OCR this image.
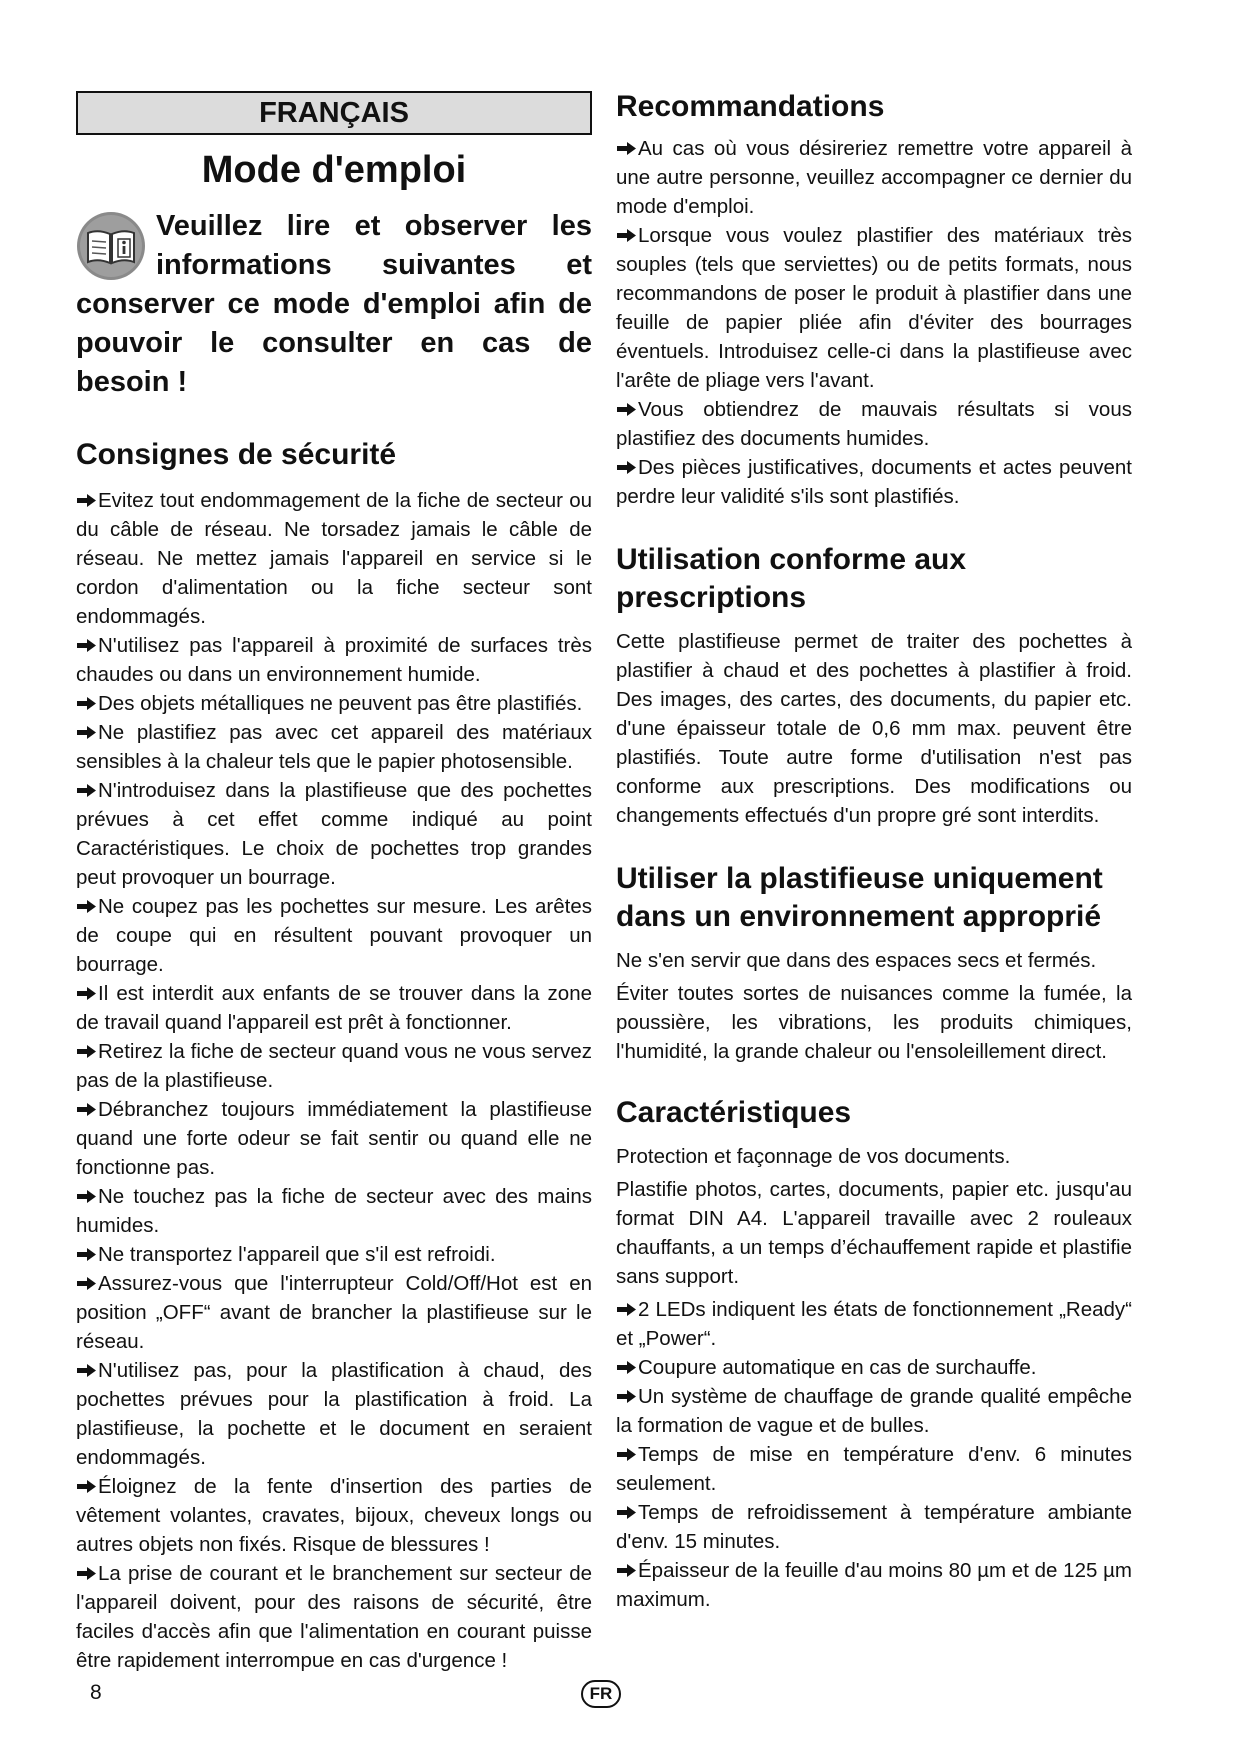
FRANÇAIS
Mode d'emploi
Veuillez lire et observer les informations suivantes et conserver ce mode d'emploi afin de pouvoir le consulter en cas de besoin !
Consignes de sécurité
Evitez tout endommagement de la fiche de secteur ou du câble de réseau. Ne torsadez jamais le câble de réseau. Ne mettez jamais l'appareil en service si le cordon d'alimentation ou la fiche secteur sont endommagés.
N'utilisez pas l'appareil à proximité de surfaces très chaudes ou dans un environnement humide.
Des objets métalliques ne peuvent pas être plastifiés.
Ne plastifiez pas avec cet appareil des matériaux sensibles à la chaleur tels que le papier photosensible.
N'introduisez dans la plastifieuse que des pochettes prévues à cet effet comme indiqué au point Caractéristiques. Le choix de pochettes trop grandes peut provoquer un bourrage.
Ne coupez pas les pochettes sur mesure. Les arêtes de coupe qui en résultent pouvant provoquer un bourrage.
Il est interdit aux enfants de se trouver dans la zone de travail quand l'appareil est prêt à fonctionner.
Retirez la fiche de secteur quand vous ne vous servez pas de la plastifieuse.
Débranchez toujours immédiatement la plastifieuse quand une forte odeur se fait sentir ou quand elle ne fonctionne pas.
Ne touchez pas la fiche de secteur avec des mains humides.
Ne transportez l'appareil que s'il est refroidi.
Assurez-vous que l'interrupteur Cold/Off/Hot est en position „OFF“ avant de brancher la plastifieuse sur le réseau.
N'utilisez pas, pour la plastification à chaud, des pochettes prévues pour la plastification à froid. La plastifieuse, la pochette et le document en seraient endommagés.
Éloignez de la fente d'insertion des parties de vêtement volantes, cravates, bijoux, cheveux longs ou autres objets non fixés. Risque de blessures !
La prise de courant et le branchement sur secteur de l'appareil doivent, pour des raisons de sécurité, être faciles d'accès afin que l'alimentation en courant puisse être rapidement interrompue en cas d'urgence !
Recommandations
Au cas où vous désireriez remettre votre appareil à une autre personne, veuillez accompagner ce dernier du mode d'emploi.
Lorsque vous voulez plastifier des matériaux très souples (tels que serviettes) ou de petits formats, nous recommandons de poser le produit à plastifier dans une feuille de papier pliée afin d'éviter des bourrages éventuels. Introduisez celle-ci dans la plastifieuse avec l'arête de pliage vers l'avant.
Vous obtiendrez de mauvais résultats si vous plastifiez des documents humides.
Des pièces justificatives, documents et actes peuvent perdre leur validité s'ils sont plastifiés.
Utilisation conforme aux prescriptions
Cette plastifieuse permet de traiter des pochettes à plastifier à chaud et des pochettes à plastifier à froid. Des images, des cartes, des documents, du papier etc. d'une épaisseur totale de 0,6 mm max. peuvent être plastifiés. Toute autre forme d'utilisation n'est pas conforme aux prescriptions. Des modifications ou changements effectués d'un propre gré sont interdits.
Utiliser la plastifieuse uniquement dans un environnement approprié
Ne s'en servir que dans des espaces secs et fermés.
Éviter toutes sortes de nuisances comme la fumée, la poussière, les vibrations, les produits chimiques, l'humidité, la grande chaleur ou l'ensoleillement direct.
Caractéristiques
Protection et façonnage de vos documents.
Plastifie photos, cartes, documents, papier etc. jusqu'au format DIN A4. L'appareil travaille avec 2 rouleaux chauffants, a un temps d’échauffement rapide et plastifie sans support.
2 LEDs indiquent les états de fonctionnement „Ready“ et „Power“.
Coupure automatique en cas de surchauffe.
Un système de chauffage de grande qualité empêche la formation de vague et de bulles.
Temps de mise en température d'env. 6 minutes seulement.
Temps de refroidissement à température ambiante d'env. 15 minutes.
Épaisseur de la feuille d'au moins 80 µm et de 125 µm maximum.
8	FR
